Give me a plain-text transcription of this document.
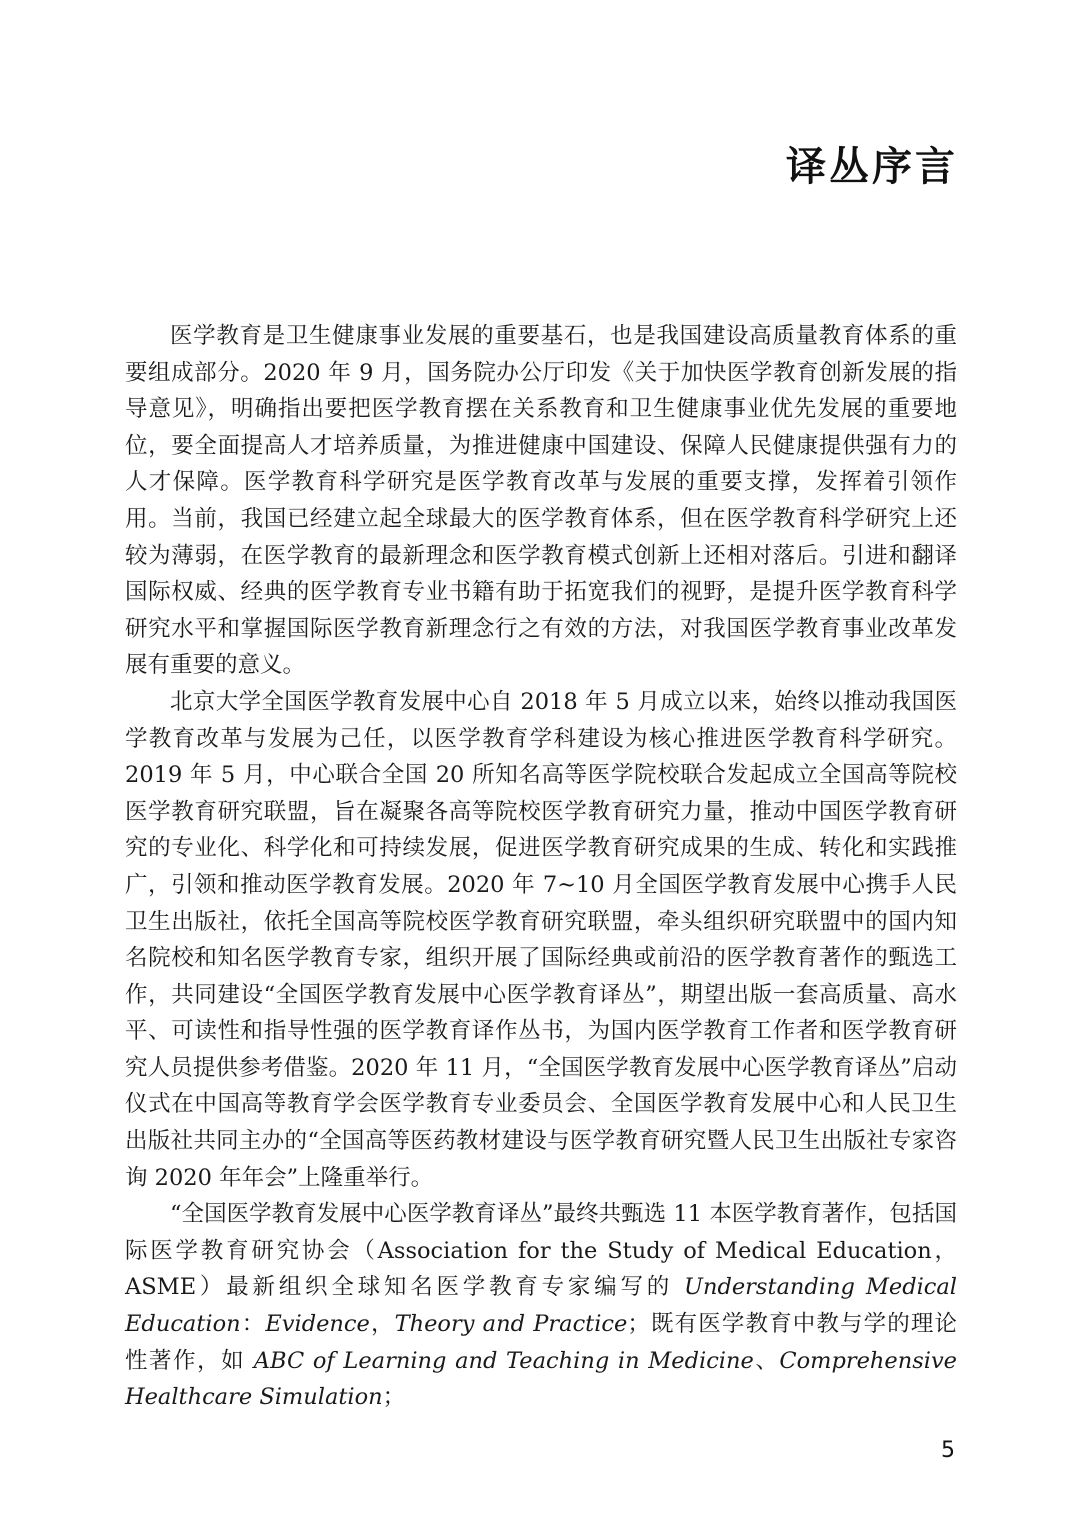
译丛序言

医学教育是卫生健康事业发展的重要基石，也是我国建设高质量教育体系的重要组成部分。2020 年 9 月，国务院办公厅印发《关于加快医学教育创新发展的指导意见》，明确指出要把医学教育摆在关系教育和卫生健康事业优先发展的重要地位，要全面提高人才培养质量，为推进健康中国建设、保障人民健康提供强有力的人才保障。医学教育科学研究是医学教育改革与发展的重要支撑，发挥着引领作用。当前，我国已经建立起全球最大的医学教育体系，但在医学教育科学研究上还较为薄弱，在医学教育的最新理念和医学教育模式创新上还相对落后。引进和翻译国际权威、经典的医学教育专业书籍有助于拓宽我们的视野，是提升医学教育科学研究水平和掌握国际医学教育新理念行之有效的方法，对我国医学教育事业改革发展有重要的意义。

北京大学全国医学教育发展中心自 2018 年 5 月成立以来，始终以推动我国医学教育改革与发展为己任，以医学教育学科建设为核心推进医学教育科学研究。2019 年 5 月，中心联合全国 20 所知名高等医学院校联合发起成立全国高等院校医学教育研究联盟，旨在凝聚各高等院校医学教育研究力量，推动中国医学教育研究的专业化、科学化和可持续发展，促进医学教育研究成果的生成、转化和实践推广，引领和推动医学教育发展。2020 年 7~10 月全国医学教育发展中心携手人民卫生出版社，依托全国高等院校医学教育研究联盟，牵头组织研究联盟中的国内知名院校和知名医学教育专家，组织开展了国际经典或前沿的医学教育著作的甄选工作，共同建设“全国医学教育发展中心医学教育译丛”，期望出版一套高质量、高水平、可读性和指导性强的医学教育译作丛书，为国内医学教育工作者和医学教育研究人员提供参考借鉴。2020 年 11 月，“全国医学教育发展中心医学教育译丛”启动仪式在中国高等教育学会医学教育专业委员会、全国医学教育发展中心和人民卫生出版社共同主办的“全国高等医药教材建设与医学教育研究暨人民卫生出版社专家咨询 2020 年年会”上隆重举行。

“全国医学教育发展中心医学教育译丛”最终共甄选 11 本医学教育著作，包括国际医学教育研究协会（Association for the Study of Medical Education，ASME）最新组织全球知名医学教育专家编写的 Understanding Medical Education：Evidence，Theory and Practice；既有医学教育中教与学的理论性著作，如 ABC of Learning and Teaching in Medicine、Comprehensive Healthcare Simulation；

5
